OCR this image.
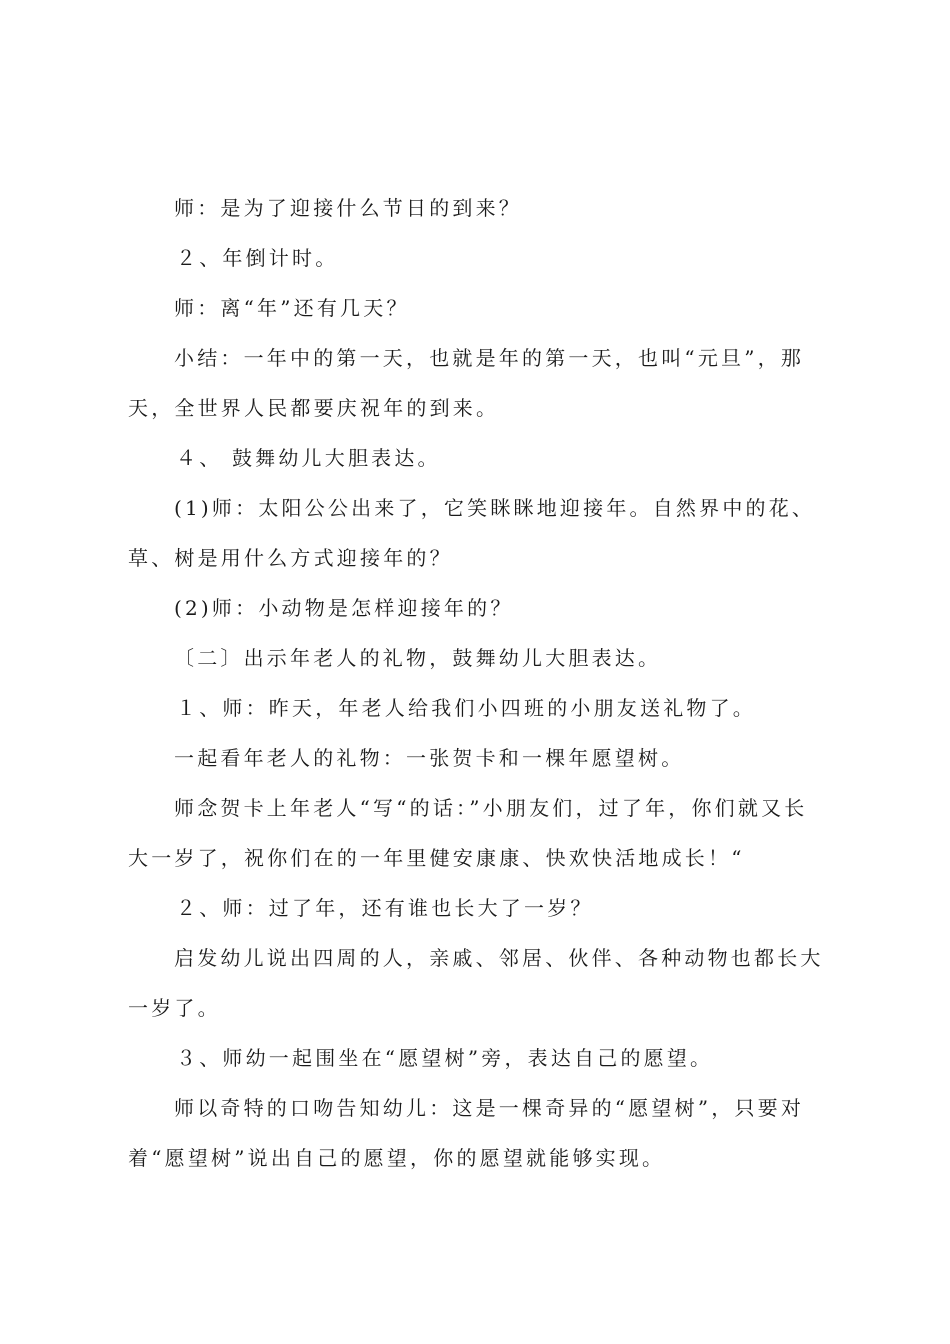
师：是为了迎接什么节日的到来？

２、年倒计时。

师：离“年”还有几天？

小结：一年中的第一天，也就是年的第一天，也叫“元旦”，那天，全世界人民都要庆祝年的到来。

４、 鼓舞幼儿大胆表达。

(1)师：太阳公公出来了，它笑眯眯地迎接年。自然界中的花、草、树是用什么方式迎接年的？

(2)师：小动物是怎样迎接年的？

〔二〕出示年老人的礼物，鼓舞幼儿大胆表达。

１、师：昨天，年老人给我们小四班的小朋友送礼物了。

一起看年老人的礼物：一张贺卡和一棵年愿望树。

师念贺卡上年老人“写“的话：”小朋友们，过了年，你们就又长大一岁了，祝你们在的一年里健安康康、快欢快活地成长！“

２、师：过了年，还有谁也长大了一岁？

启发幼儿说出四周的人，亲戚、邻居、伙伴、各种动物也都长大一岁了。

３、师幼一起围坐在“愿望树”旁，表达自己的愿望。

师以奇特的口吻告知幼儿：这是一棵奇异的“愿望树”，只要对着“愿望树”说出自己的愿望，你的愿望就能够实现。
